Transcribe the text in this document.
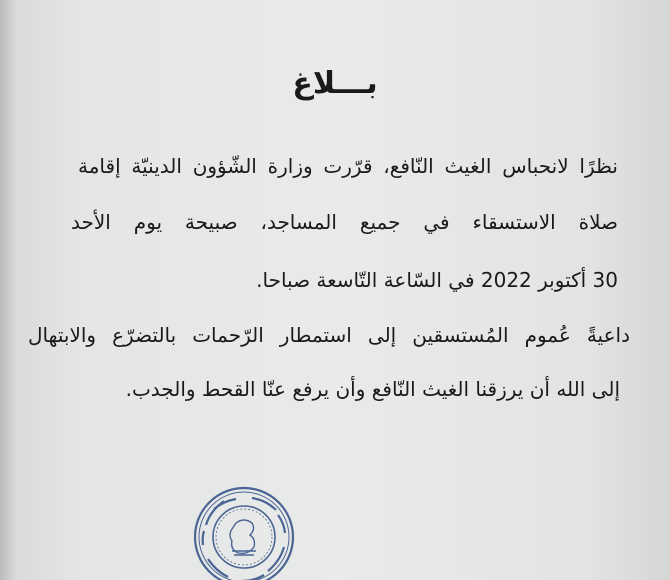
بـــلاغ
نظرًا لانحباس الغيث النّافع، قرّرت وزارة الشّؤون الدينيّة إقامة
صلاة الاستسقاء في جميع المساجد، صبيحة يوم الأحد
30 أكتوبر 2022 في السّاعة التّاسعة صباحا.
داعيةً عُموم المُستسقين إلى استمطار الرّحمات بالتضرّع والابتهال
إلى الله أن يرزقنا الغيث النّافع وأن يرفع عنّا القحط والجدب.
